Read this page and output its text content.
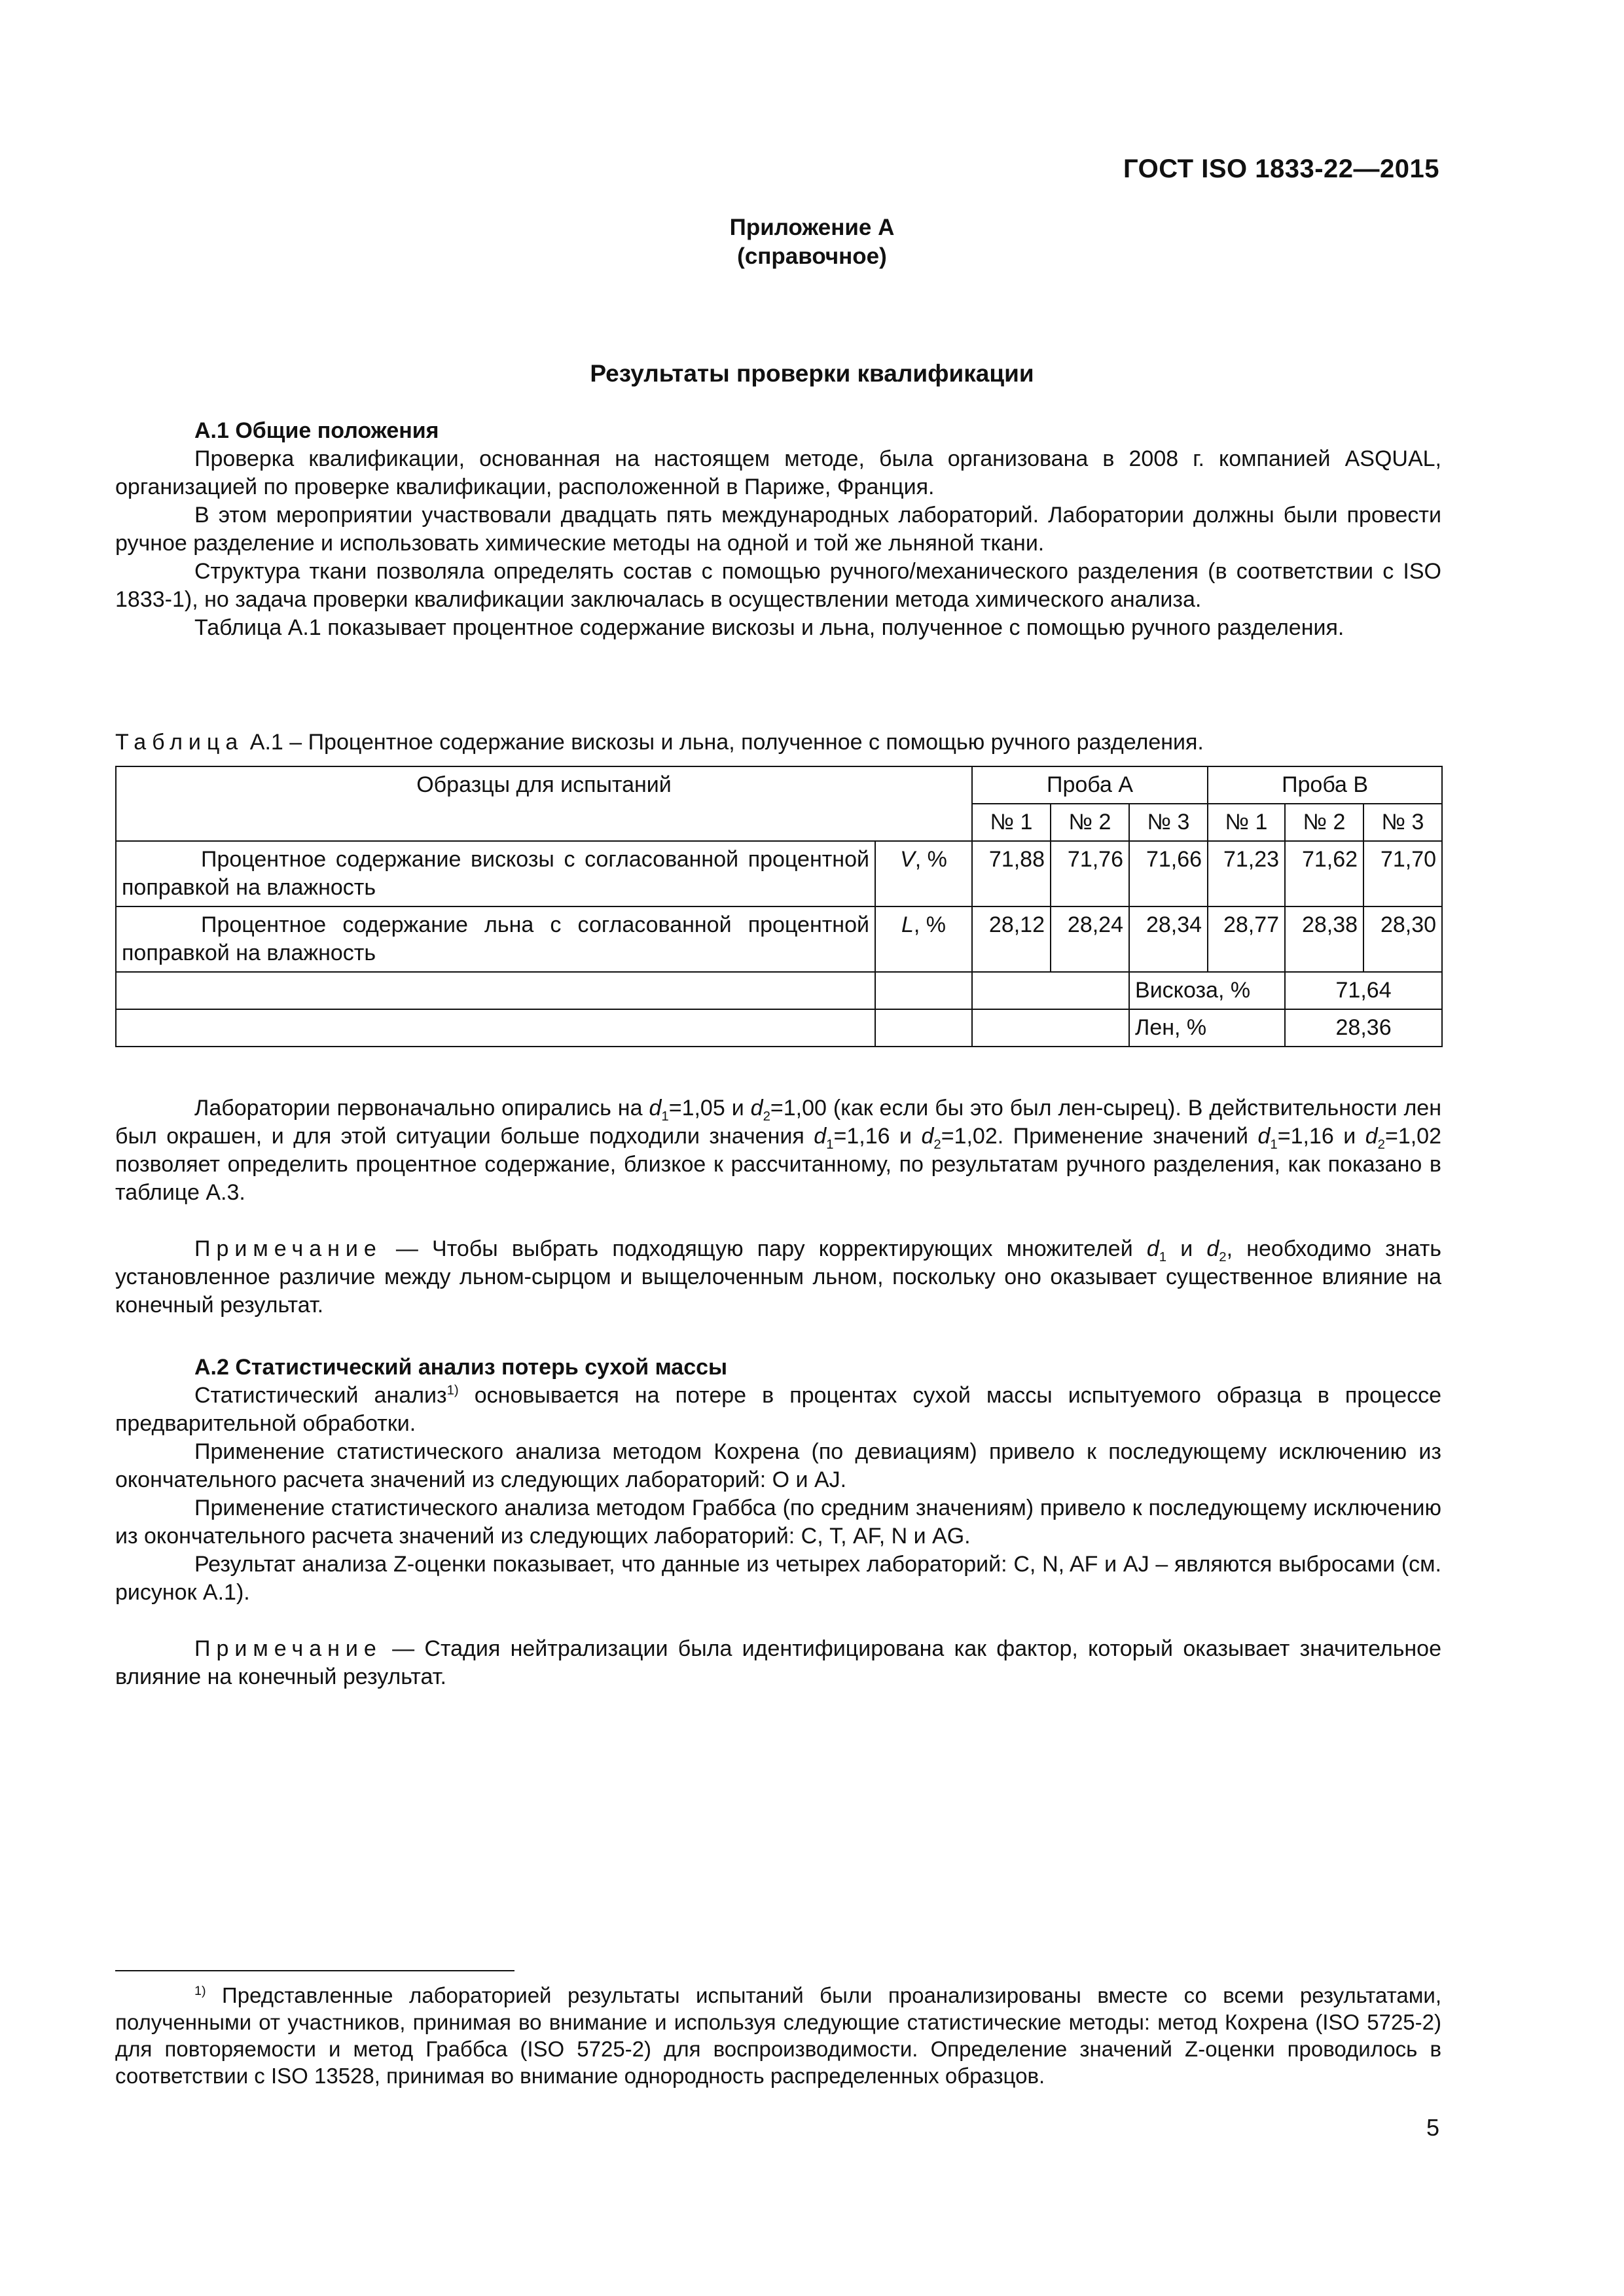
ГОСТ ISO 1833-22—2015
Приложение А
(справочное)
Результаты проверки квалификации
А.1 Общие положения
Проверка квалификации, основанная на настоящем методе, была организована в 2008 г. компанией ASQUAL, организацией по проверке квалификации, расположенной в Париже, Франция.
В этом мероприятии участвовали двадцать пять международных лабораторий. Лаборатории должны были провести ручное разделение и использовать химические методы на одной и той же льняной ткани.
Структура ткани позволяла определять состав с помощью ручного/механического разделения (в соответствии с ISO 1833-1), но задача проверки квалификации заключалась в осуществлении метода химического анализа.
Таблица А.1 показывает процентное содержание вискозы и льна, полученное с помощью ручного разделения.
Таблица А.1 – Процентное содержание вискозы и льна, полученное с помощью ручного разделения.
Образцы для испытаний		Проба А			Проба В		
		№ 1	№ 2	№ 3	№ 1	№ 2	№ 3
Процентное содержание вискозы с согласованной процентной поправкой на влажность	V, %	71,88	71,76	71,66	71,23	71,62	71,70
Процентное содержание льна с согласованной процентной поправкой на влажность	L, %	28,12	28,24	28,34	28,77	28,38	28,30
				Вискоза, %		71,64	
				Лен, %		28,36	
Лаборатории первоначально опирались на $d_1=1,05$ и $d_2=1,00$ (как если бы это был лен-сырец). В действительности лен был окрашен, и для этой ситуации больше подходили значения $d_1=1,16$ и $d_2=1,02$. Применение значений $d_1=1,16$ и $d_2=1,02$ позволяет определить процентное содержание, близкое к рассчитанному, по результатам ручного разделения, как показано в таблице А.3.
Примечание — Чтобы выбрать подходящую пару корректирующих множителей $d_1$ и $d_2$, необходимо знать установленное различие между льном-сырцом и выщелоченным льном, поскольку оно оказывает существенное влияние на конечный результат.
А.2 Статистический анализ потерь сухой массы
Статистический анализ$^{1)}$ основывается на потере в процентах сухой массы испытуемого образца в процессе предварительной обработки.
Применение статистического анализа методом Кохрена (по девиациям) привело к последующему исключению из окончательного расчета значений из следующих лабораторий: О и AJ.
Применение статистического анализа методом Граббса (по средним значениям) привело к последующему исключению из окончательного расчета значений из следующих лабораторий: С, Т, AF, N и AG.
Результат анализа Z-оценки показывает, что данные из четырех лабораторий: С, N, AF и AJ – являются выбросами (см. рисунок А.1).
Примечание — Стадия нейтрализации была идентифицирована как фактор, который оказывает значительное влияние на конечный результат.
$^{1)}$ Представленные лабораторией результаты испытаний были проанализированы вместе со всеми результатами, полученными от участников, принимая во внимание и используя следующие статистические методы: метод Кохрена (ISO 5725-2) для повторяемости и метод Граббса (ISO 5725-2) для воспроизводимости. Определение значений Z-оценки проводилось в соответствии с ISO 13528, принимая во внимание однородность распределенных образцов.
5
